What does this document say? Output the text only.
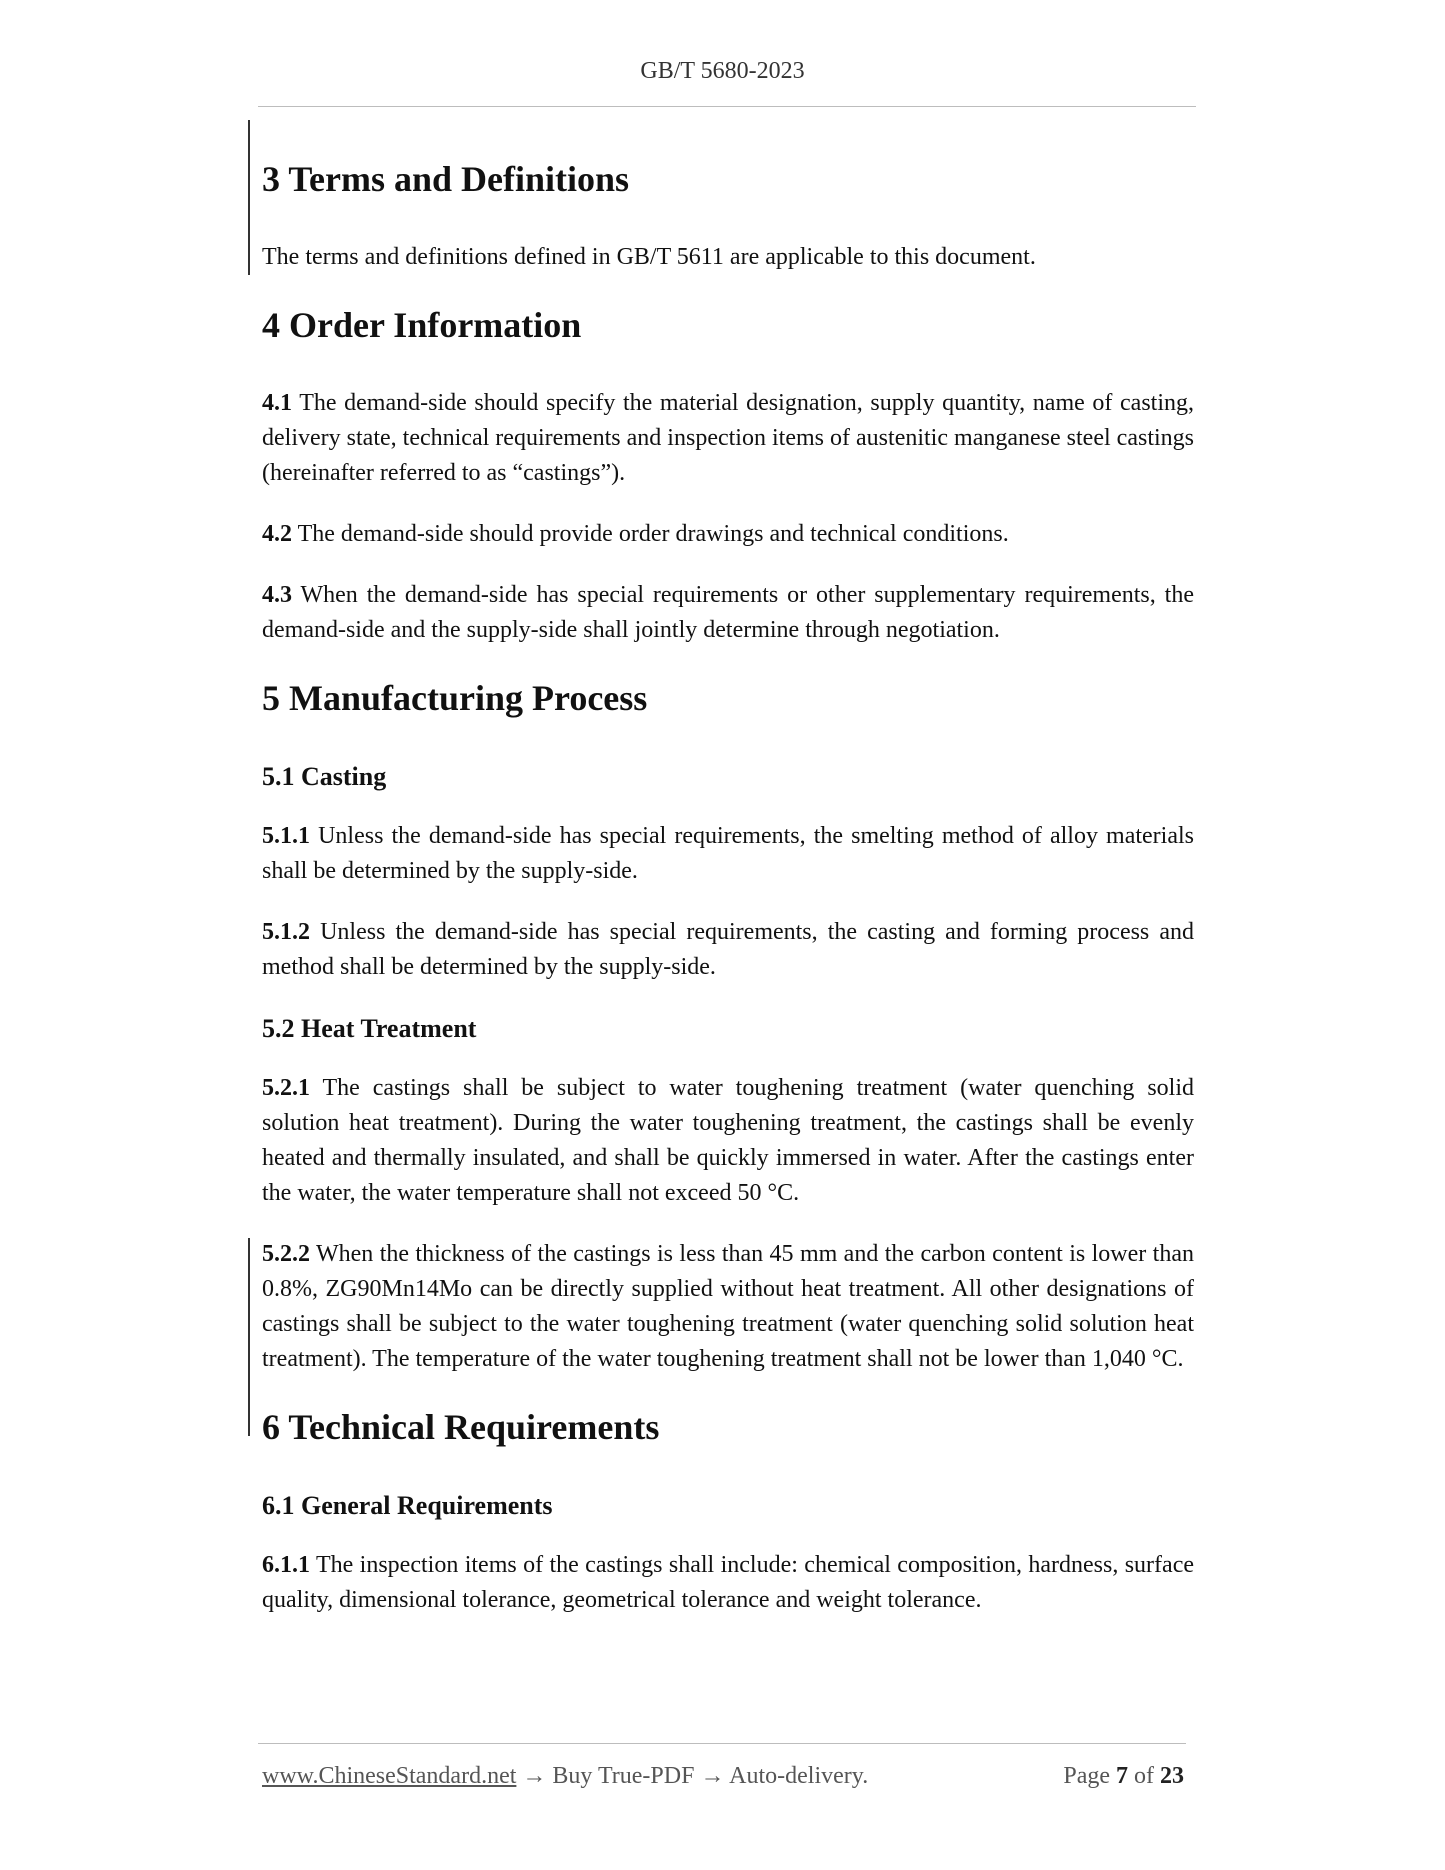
GB/T 5680-2023
3 Terms and Definitions

The terms and definitions defined in GB/T 5611 are applicable to this document.

4 Order Information

4.1 The demand-side should specify the material designation, supply quantity, name of casting, delivery state, technical requirements and inspection items of austenitic manganese steel castings (hereinafter referred to as “castings”).

4.2 The demand-side should provide order drawings and technical conditions.

4.3 When the demand-side has special requirements or other supplementary requirements, the demand-side and the supply-side shall jointly determine through negotiation.

5 Manufacturing Process
5.1 Casting

5.1.1 Unless the demand-side has special requirements, the smelting method of alloy materials shall be determined by the supply-side.

5.1.2 Unless the demand-side has special requirements, the casting and forming process and method shall be determined by the supply-side.

5.2 Heat Treatment

5.2.1 The castings shall be subject to water toughening treatment (water quenching solid solution heat treatment). During the water toughening treatment, the castings shall be evenly heated and thermally insulated, and shall be quickly immersed in water. After the castings enter the water, the water temperature shall not exceed 50 °C.

5.2.2 When the thickness of the castings is less than 45 mm and the carbon content is lower than 0.8%, ZG90Mn14Mo can be directly supplied without heat treatment. All other designations of castings shall be subject to the water toughening treatment (water quenching solid solution heat treatment). The temperature of the water toughening treatment shall not be lower than 1,040 °C.

6 Technical Requirements
6.1 General Requirements

6.1.1 The inspection items of the castings shall include: chemical composition, hardness, surface quality, dimensional tolerance, geometrical tolerance and weight tolerance.

www.ChineseStandard.net → Buy True-PDF → Auto-delivery.	Page 7 of 23
